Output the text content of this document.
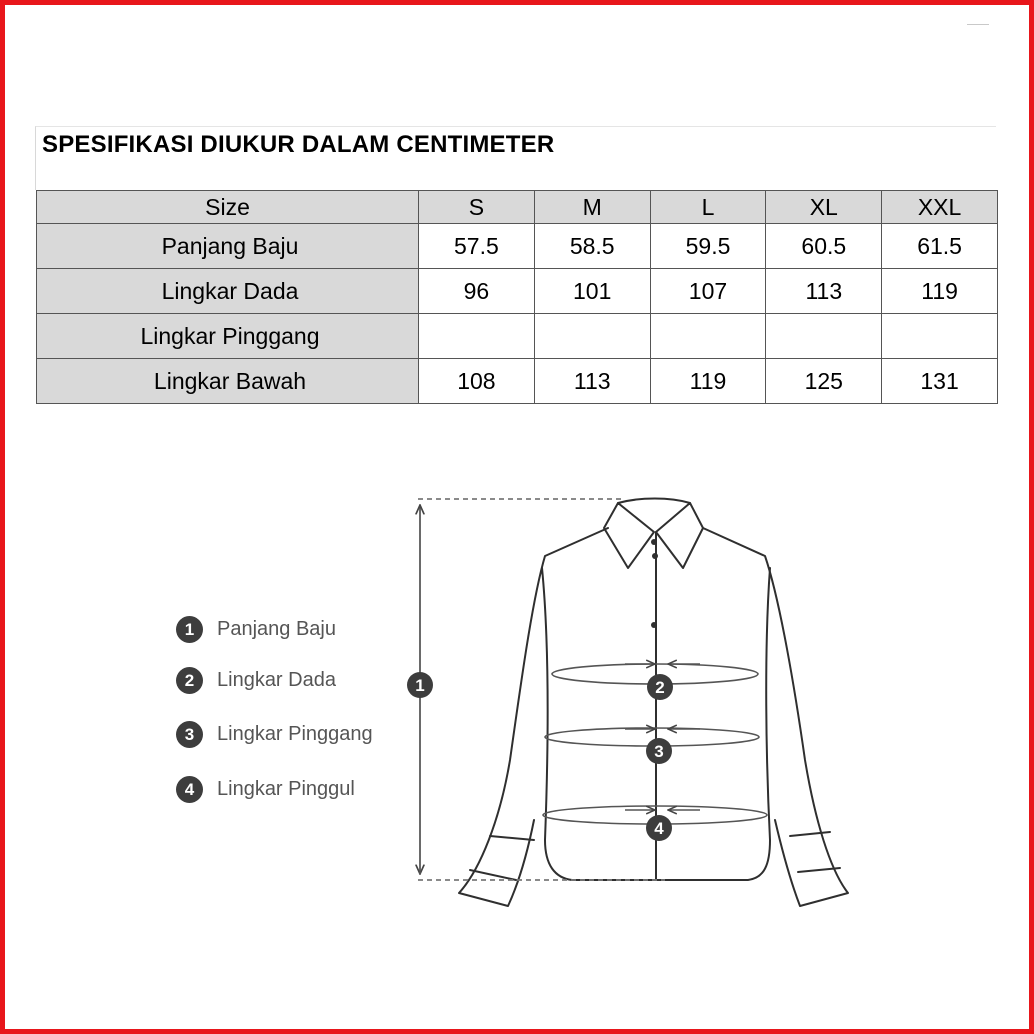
SPESIFIKASI DIUKUR DALAM CENTIMETER
Size	S	M	L	XL	XXL
Panjang Baju	57.5	58.5	59.5	60.5	61.5
Lingkar Dada	96	101	107	113	119
Lingkar Pinggang					
Lingkar Bawah	108	113	119	125	131
1	Panjang Baju
2	Lingkar Dada
3	Lingkar Pinggang
4	Lingkar Pinggul
1	2
3
4
